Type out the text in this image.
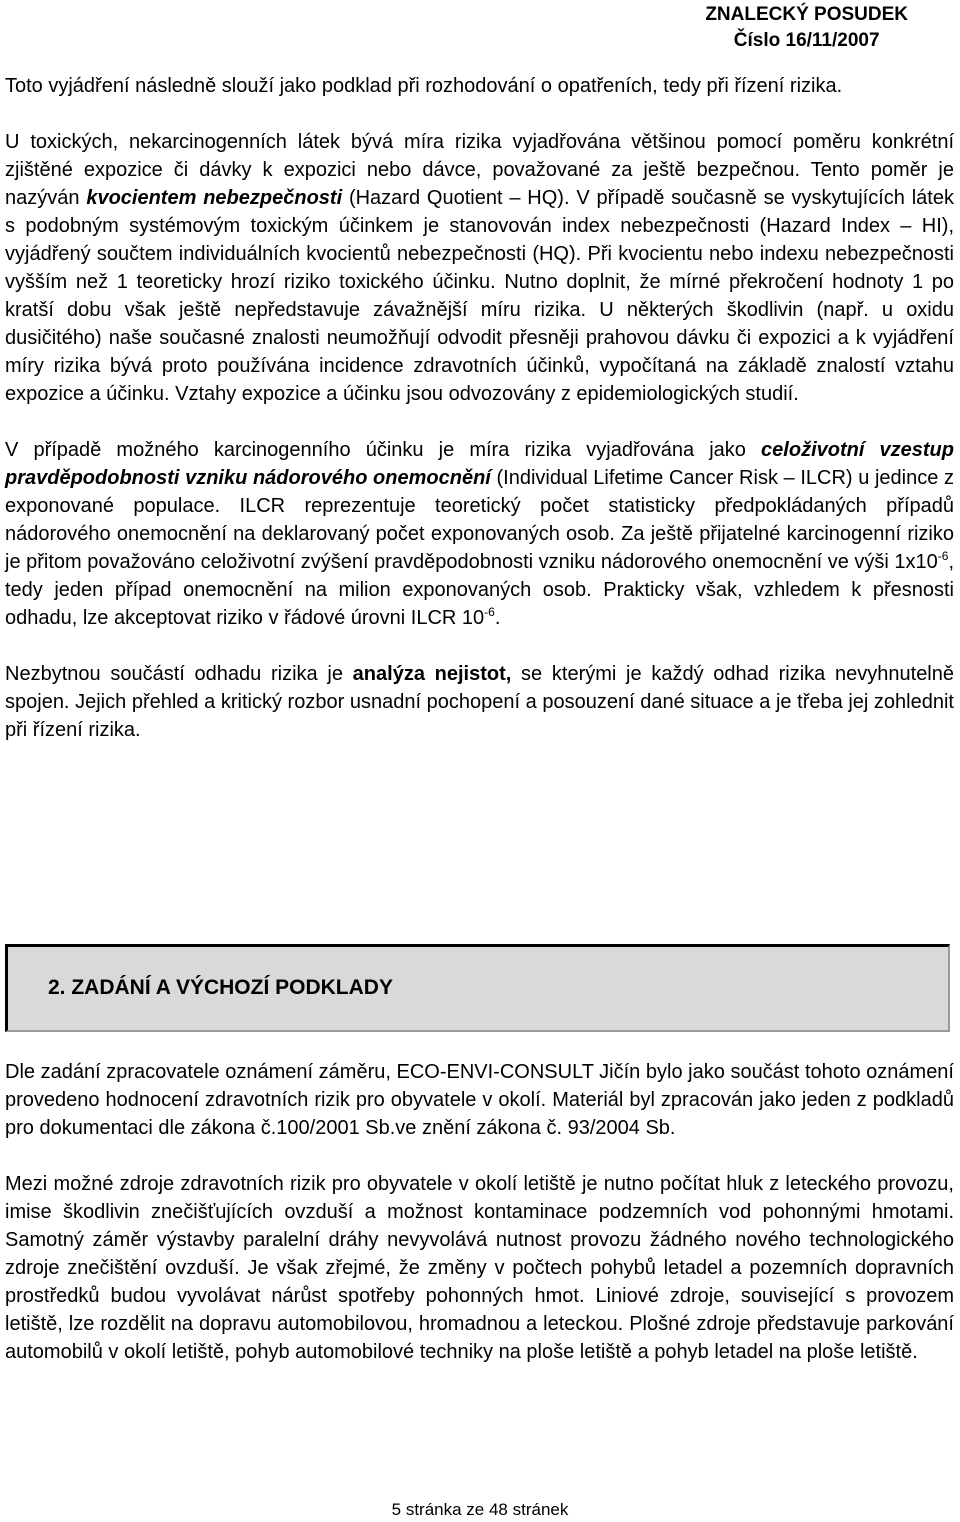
ZNALECKÝ POSUDEK
Číslo 16/11/2007

Toto vyjádření následně slouží jako podklad při rozhodování o opatřeních, tedy při řízení rizika.

U toxických, nekarcinogenních látek bývá míra rizika vyjadřována většinou pomocí poměru konkrétní zjištěné expozice či dávky k expozici nebo dávce, považované za ještě bezpečnou. Tento poměr je nazýván kvocientem nebezpečnosti (Hazard Quotient – HQ). V případě současně se vyskytujících látek s podobným systémovým toxickým účinkem je stanovován index nebezpečnosti (Hazard Index – HI), vyjádřený součtem individuálních kvocientů nebezpečnosti (HQ). Při kvocientu nebo indexu nebezpečnosti vyšším než 1 teoreticky hrozí riziko toxického účinku. Nutno doplnit, že mírné překročení hodnoty 1 po kratší dobu však ještě nepředstavuje závažnější míru rizika. U některých škodlivin (např. u oxidu dusičitého) naše současné znalosti neumožňují odvodit přesněji prahovou dávku či expozici a k vyjádření míry rizika bývá proto používána incidence zdravotních účinků, vypočítaná na základě znalostí vztahu expozice a účinku. Vztahy expozice a účinku jsou odvozovány z epidemiologických studií.

V případě možného karcinogenního účinku je míra rizika vyjadřována jako celoživotní vzestup pravděpodobnosti vzniku nádorového onemocnění (Individual Lifetime Cancer Risk – ILCR) u jedince z exponované populace. ILCR reprezentuje teoretický počet statisticky předpokládaných případů nádorového onemocnění na deklarovaný počet exponovaných osob. Za ještě přijatelné karcinogenní riziko je přitom považováno celoživotní zvýšení pravděpodobnosti vzniku nádorového onemocnění ve výši $1x10^{-6}$, tedy jeden případ onemocnění na milion exponovaných osob. Prakticky však, vzhledem k přesnosti odhadu, lze akceptovat riziko v řádové úrovni ILCR $10^{-6}$.

Nezbytnou součástí odhadu rizika je analýza nejistot, se kterými je každý odhad rizika nevyhnutelně spojen. Jejich přehled a kritický rozbor usnadní pochopení a posouzení dané situace a je třeba jej zohlednit při řízení rizika.

2. ZADÁNÍ A VÝCHOZÍ PODKLADY

Dle zadání zpracovatele oznámení záměru, ECO-ENVI-CONSULT Jičín bylo jako součást tohoto oznámení provedeno hodnocení zdravotních rizik pro obyvatele v okolí. Materiál byl zpracován jako jeden z podkladů pro dokumentaci dle zákona č.100/2001 Sb.ve znění zákona č. 93/2004 Sb.

Mezi možné zdroje zdravotních rizik pro obyvatele v okolí letiště je nutno počítat hluk z leteckého provozu, imise škodlivin znečišťujících ovzduší a možnost kontaminace podzemních vod pohonnými hmotami. Samotný záměr výstavby paralelní dráhy nevyvolává nutnost provozu žádného nového technologického zdroje znečištění ovzduší. Je však zřejmé, že změny v počtech pohybů letadel a pozemních dopravních prostředků budou vyvolávat nárůst spotřeby pohonných hmot. Liniové zdroje, související s provozem letiště, lze rozdělit na dopravu automobilovou, hromadnou a leteckou. Plošné zdroje představuje parkování automobilů v okolí letiště, pohyb automobilové techniky na ploše letiště a pohyb letadel na ploše letiště.

5 stránka ze 48 stránek
